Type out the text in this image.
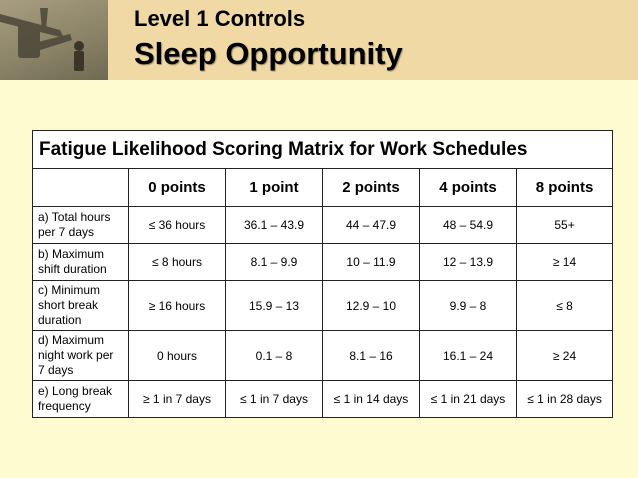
Level 1 Controls
Sleep Opportunity
Fatigue Likelihood Scoring Matrix for Work Schedules					
	0 points	1 point	2 points	4 points	8 points
a) Total hours per 7 days	≤ 36 hours	36.1 – 43.9	44 – 47.9	48 – 54.9	55+
b) Maximum shift duration	≤ 8 hours	8.1 – 9.9	10 – 11.9	12 – 13.9	≥ 14
c) Minimum short break duration	≥ 16 hours	15.9 – 13	12.9 – 10	9.9 – 8	≤ 8
d) Maximum night work per 7 days	0 hours	0.1 – 8	8.1 – 16	16.1 – 24	≥ 24
e) Long break frequency	≥ 1 in 7 days	≤ 1 in 7 days	≤ 1 in 14 days	≤ 1 in 21 days	≤ 1 in 28 days
